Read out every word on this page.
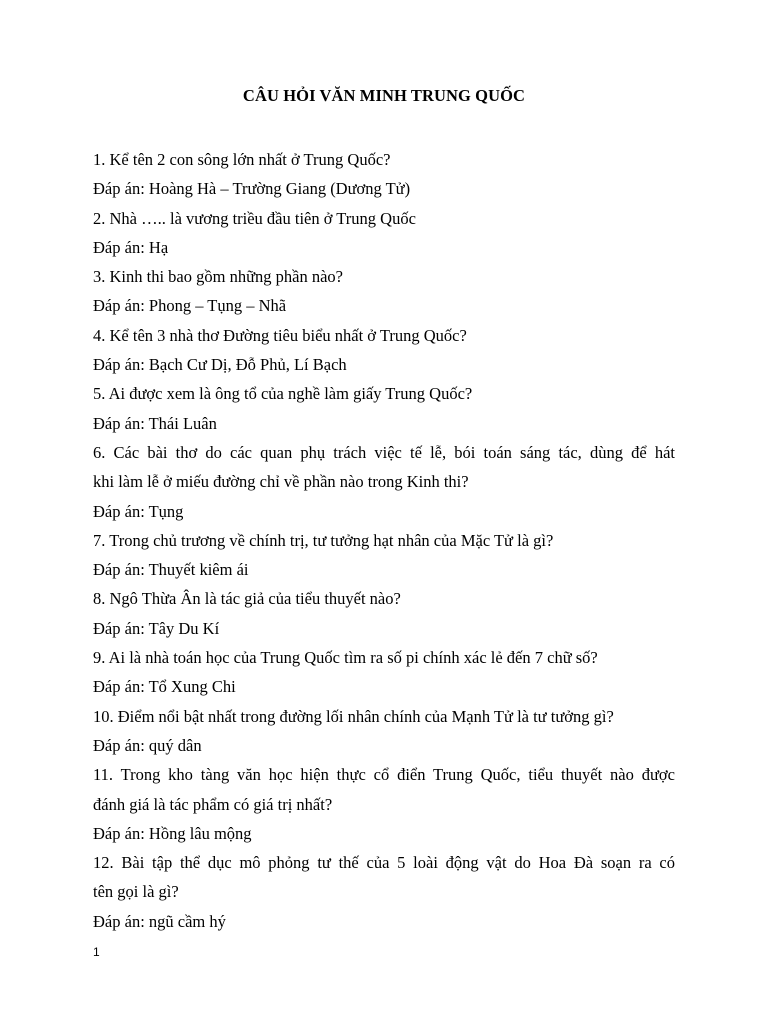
CÂU HỎI VĂN MINH TRUNG QUỐC
1. Kể tên 2 con sông lớn nhất ở Trung Quốc?
Đáp án: Hoàng Hà – Trường Giang (Dương Tử)
2. Nhà ….. là vương triều đầu tiên ở Trung Quốc
Đáp án: Hạ
3. Kinh thi bao gồm những phần nào?
Đáp án: Phong – Tụng – Nhã
4. Kể tên 3 nhà thơ Đường tiêu biểu nhất ở Trung Quốc?
Đáp án: Bạch Cư Dị, Đỗ Phủ, Lí Bạch
5. Ai được xem là ông tổ của nghề làm giấy Trung Quốc?
Đáp án: Thái Luân
6. Các bài thơ do các quan phụ trách việc tế lễ, bói toán sáng tác, dùng để hát
khi làm lễ ở miếu đường chỉ về phần nào trong Kinh thi?
Đáp án: Tụng
7. Trong chủ trương về chính trị, tư tưởng hạt nhân của Mặc Tử là gì?
Đáp án: Thuyết kiêm ái
8. Ngô Thừa Ân là tác giả của tiểu thuyết nào?
Đáp án: Tây Du Kí
9. Ai là nhà toán học của Trung Quốc tìm ra số pi chính xác lẻ đến 7 chữ số?
Đáp án: Tổ Xung Chi
10. Điểm nổi bật nhất trong đường lối nhân chính của Mạnh Tử là tư tưởng gì?
Đáp án: quý dân
11. Trong kho tàng văn học hiện thực cổ điển Trung Quốc, tiểu thuyết nào được
đánh giá là tác phẩm có giá trị nhất?
Đáp án: Hồng lâu mộng
12. Bài tập thể dục mô phỏng tư thế của 5 loài động vật do Hoa Đà soạn ra có
tên gọi là gì?
Đáp án: ngũ cầm hý
1
